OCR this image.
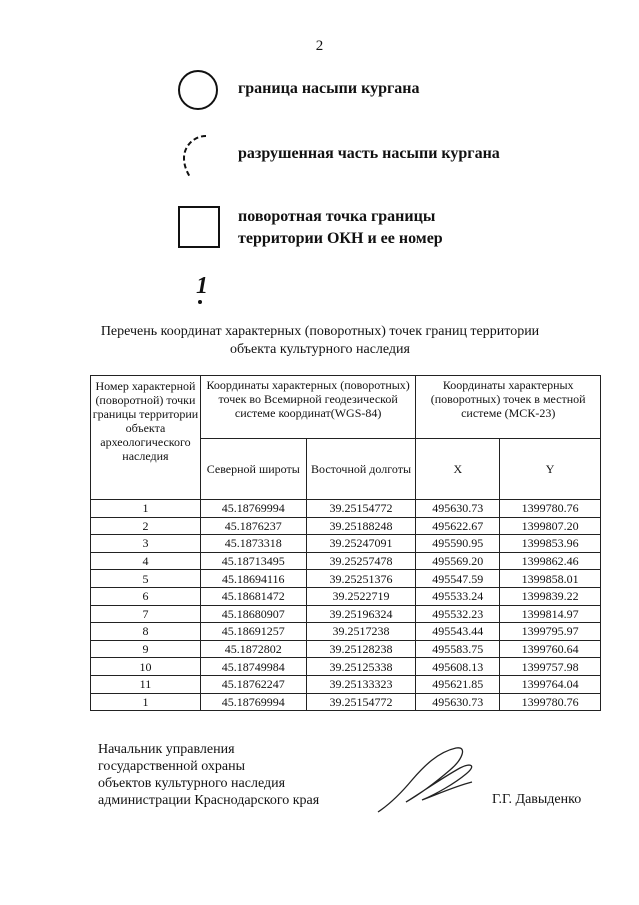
2
граница насыпи кургана
разрушенная часть насыпи кургана
поворотная точка границы
территории ОКН и ее номер
1
Перечень координат характерных (поворотных) точек границ территории
объекта культурного наследия
Номер характерной (поворотной) точки границы территории объекта археологического наследия	Координаты характерных (поворотных) точек во Всемирной геодезической системе координат(WGS-84)		Координаты характерных (поворотных) точек в местной системе (МСК-23)	
	Северной широты	Восточной долготы	X	Y
1	45.18769994	39.25154772	495630.73	1399780.76
2	45.1876237	39.25188248	495622.67	1399807.20
3	45.1873318	39.25247091	495590.95	1399853.96
4	45.18713495	39.25257478	495569.20	1399862.46
5	45.18694116	39.25251376	495547.59	1399858.01
6	45.18681472	39.2522719	495533.24	1399839.22
7	45.18680907	39.25196324	495532.23	1399814.97
8	45.18691257	39.2517238	495543.44	1399795.97
9	45.1872802	39.25128238	495583.75	1399760.64
10	45.18749984	39.25125338	495608.13	1399757.98
11	45.18762247	39.25133323	495621.85	1399764.04
1	45.18769994	39.25154772	495630.73	1399780.76
Начальник управления
государственной охраны
объектов культурного наследия
администрации Краснодарского края	Г.Г. Давыденко
